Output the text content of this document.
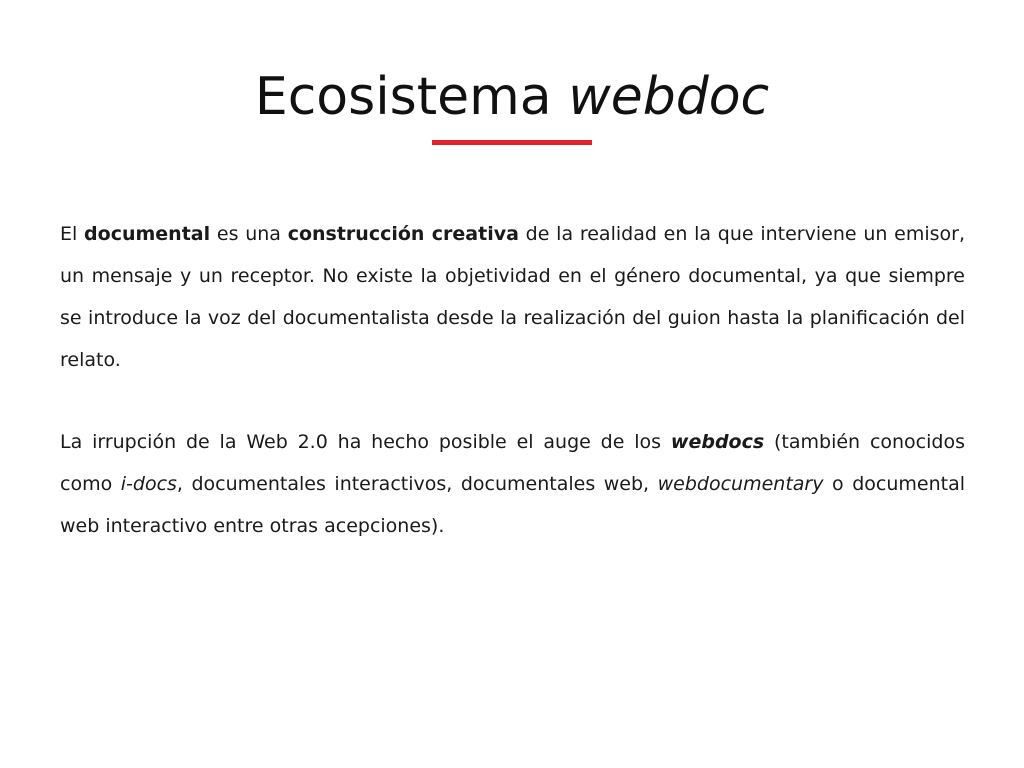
Ecosistema webdoc

El documental es una construcción creativa de la realidad en la que interviene un emisor, un mensaje y un receptor. No existe la objetividad en el género documental, ya que siempre se introduce la voz del documentalista desde la realización del guion hasta la planificación del relato.

La irrupción de la Web 2.0 ha hecho posible el auge de los webdocs (también conocidos como i-docs, documentales interactivos, documentales web, webdocumentary o documental web interactivo entre otras acepciones).
